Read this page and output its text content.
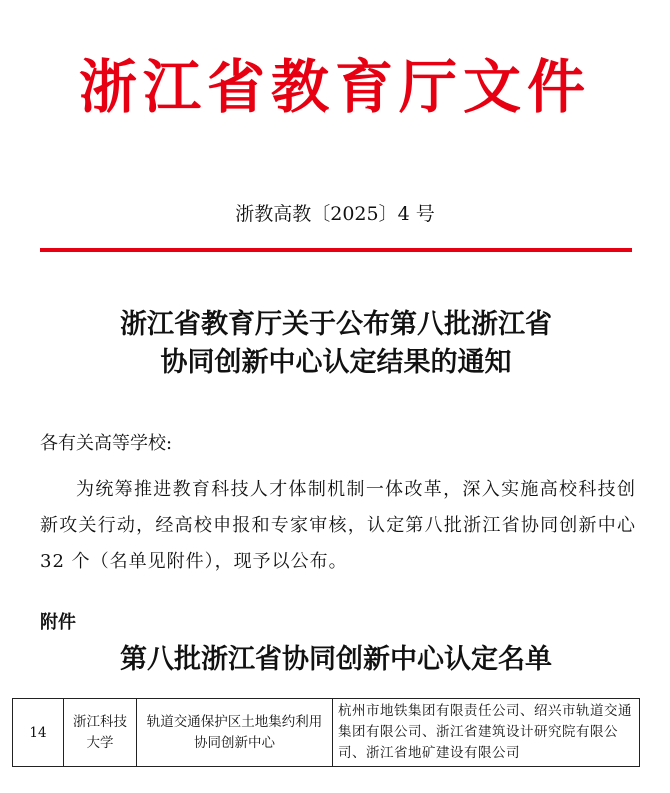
浙江省教育厅文件
浙教高教〔2025〕4 号
浙江省教育厅关于公布第八批浙江省
协同创新中心认定结果的通知
各有关高等学校:
为统筹推进教育科技人才体制机制一体改革，深入实施高校科技创新攻关行动，经高校申报和专家审核，认定第八批浙江省协同创新中心 32 个（名单见附件），现予以公布。
附件
第八批浙江省协同创新中心认定名单
14	浙江科技大学	轨道交通保护区土地集约利用协同创新中心	杭州市地铁集团有限责任公司、绍兴市轨道交通集团有限公司、浙江省建筑设计研究院有限公司、浙江省地矿建设有限公司
